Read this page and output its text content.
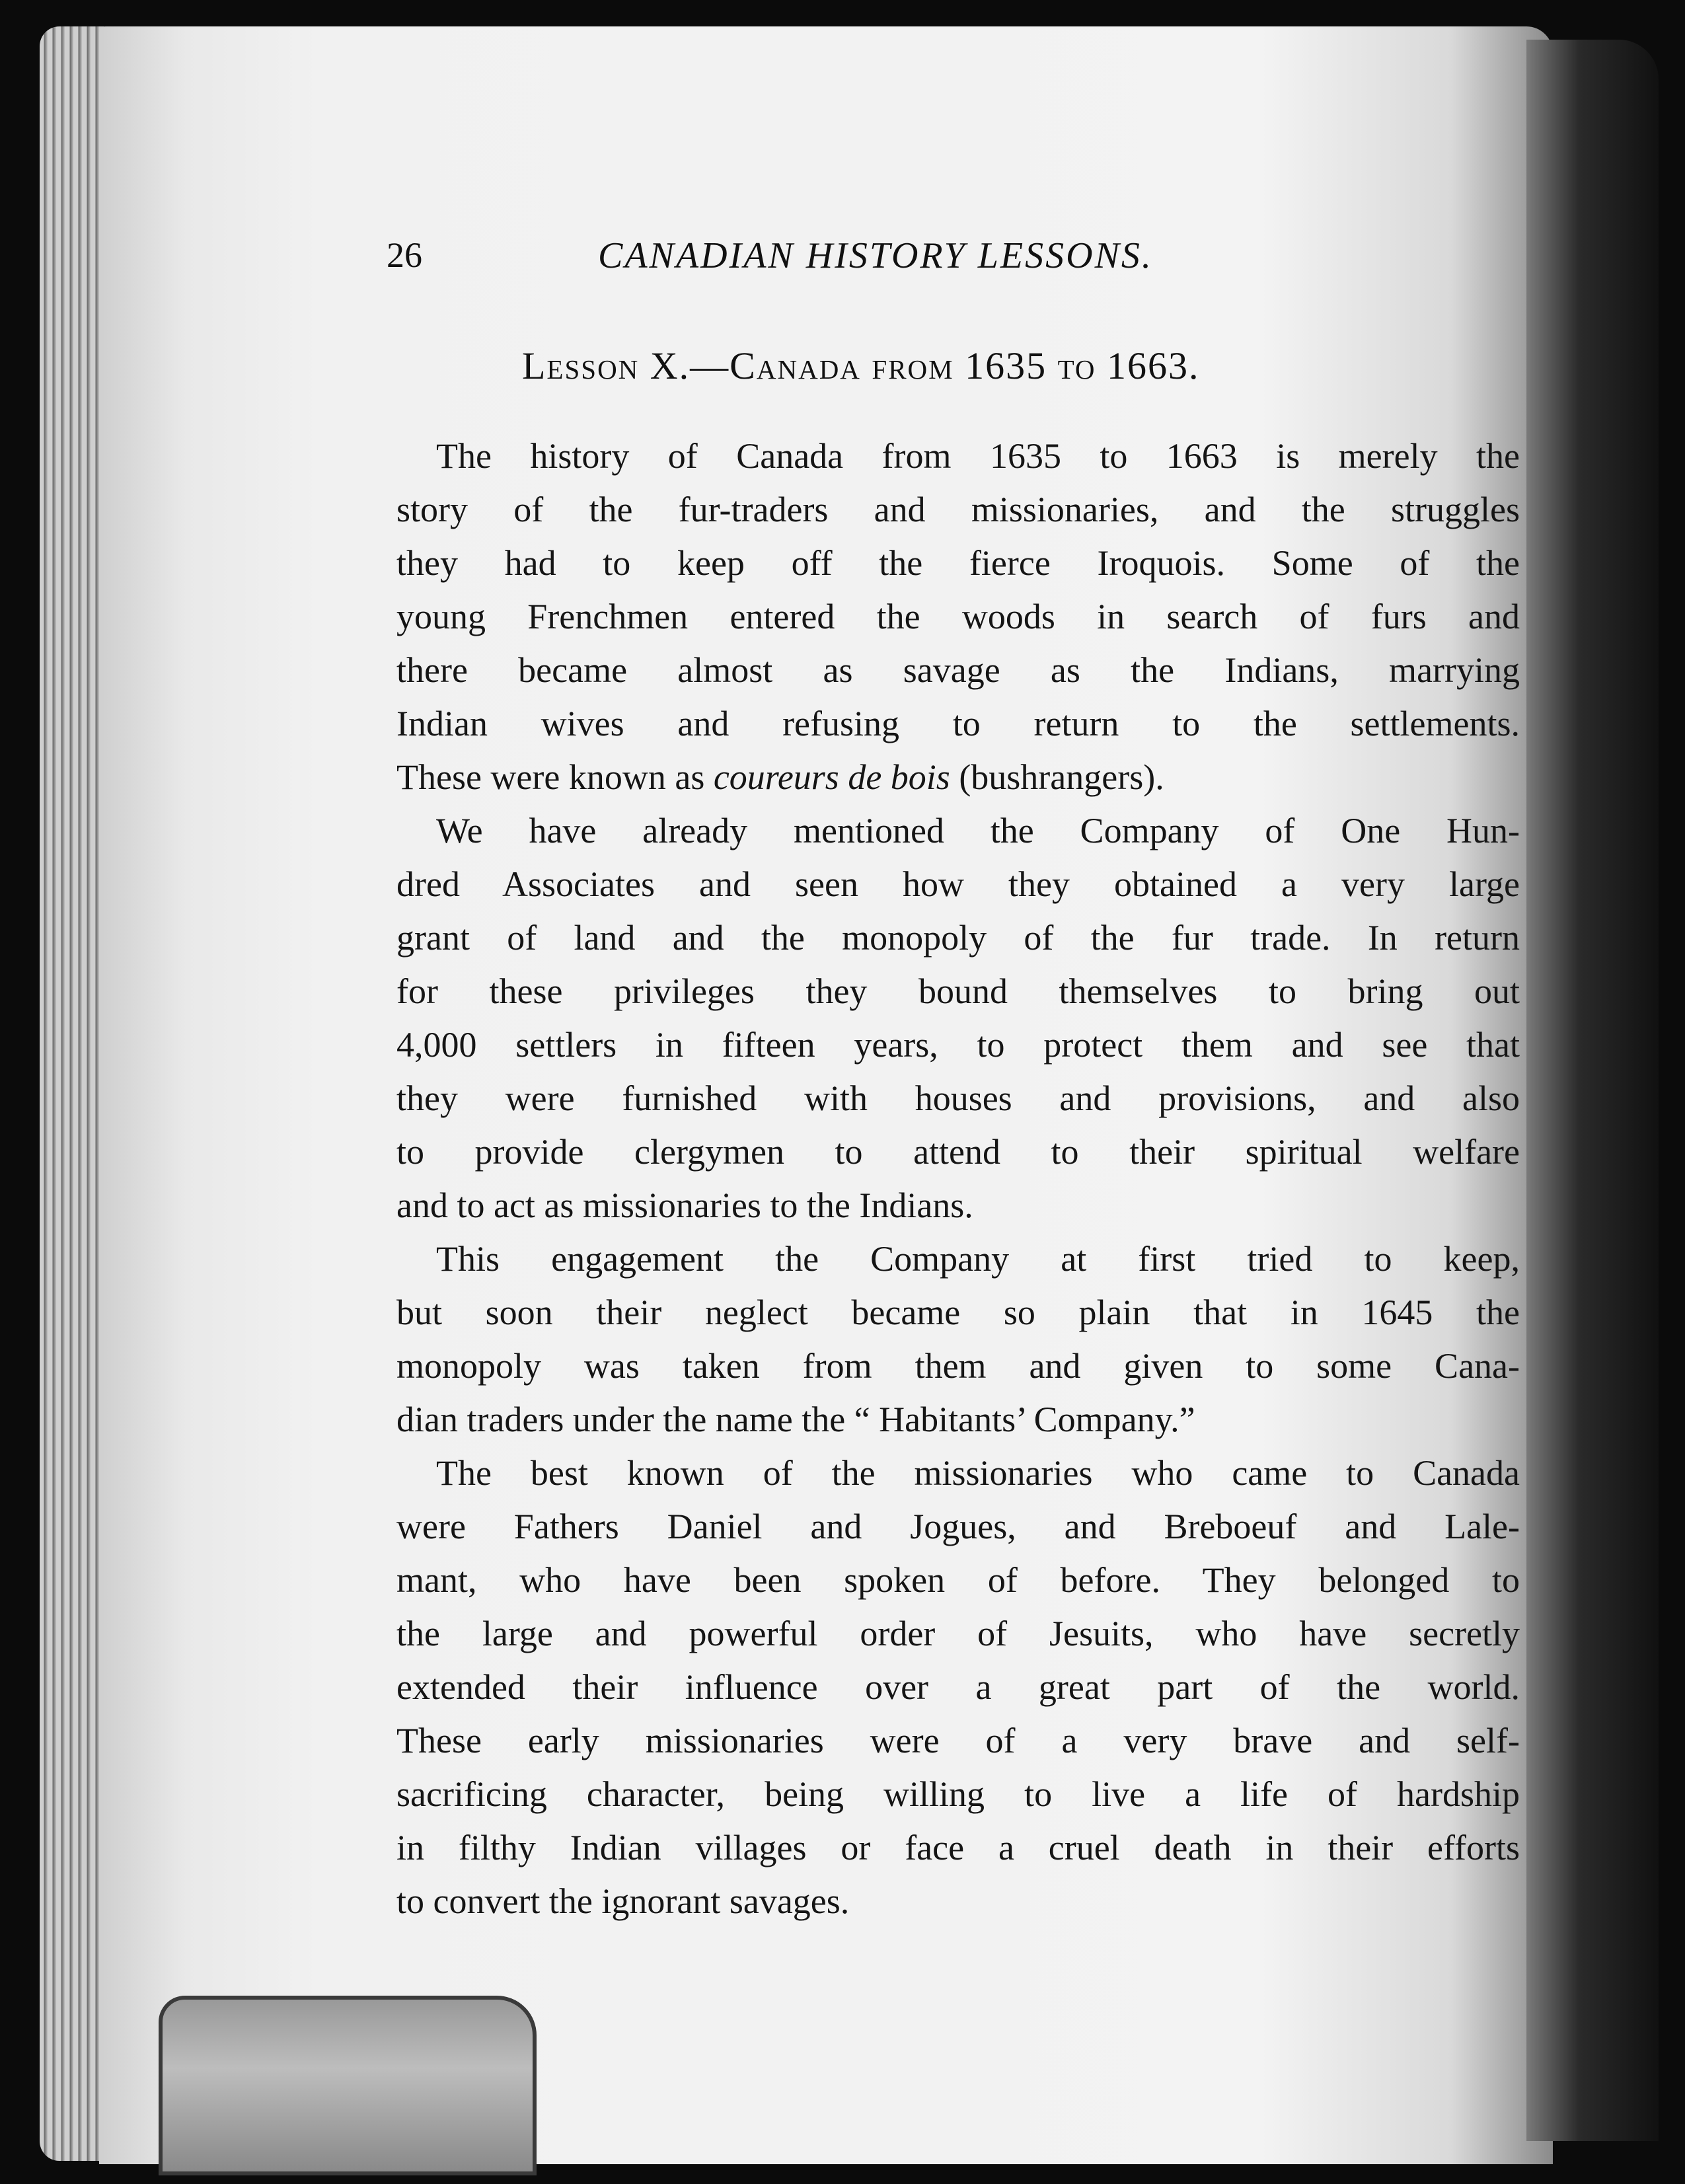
26	CANADIAN HISTORY LESSONS.
Lesson X.—Canada from 1635 to 1663.
The history of Canada from 1635 to 1663 is merely the
story of the fur-traders and missionaries, and the struggles
they had to keep off the fierce Iroquois. Some of the
young Frenchmen entered the woods in search of furs and
there became almost as savage as the Indians, marrying
Indian wives and refusing to return to the settlements.
These were known as coureurs de bois (bushrangers).
We have already mentioned the Company of One Hun-
dred Associates and seen how they obtained a very large
grant of land and the monopoly of the fur trade. In return
for these privileges they bound themselves to bring out
4,000 settlers in fifteen years, to protect them and see that
they were furnished with houses and provisions, and also
to provide clergymen to attend to their spiritual welfare
and to act as missionaries to the Indians.
This engagement the Company at first tried to keep,
but soon their neglect became so plain that in 1645 the
monopoly was taken from them and given to some Cana-
dian traders under the name the “ Habitants’ Company.”
The best known of the missionaries who came to Canada
were Fathers Daniel and Jogues, and Breboeuf and Lale-
mant, who have been spoken of before. They belonged to
the large and powerful order of Jesuits, who have secretly
extended their influence over a great part of the world.
These early missionaries were of a very brave and self-
sacrificing character, being willing to live a life of hardship
in filthy Indian villages or face a cruel death in their efforts
to convert the ignorant savages.
